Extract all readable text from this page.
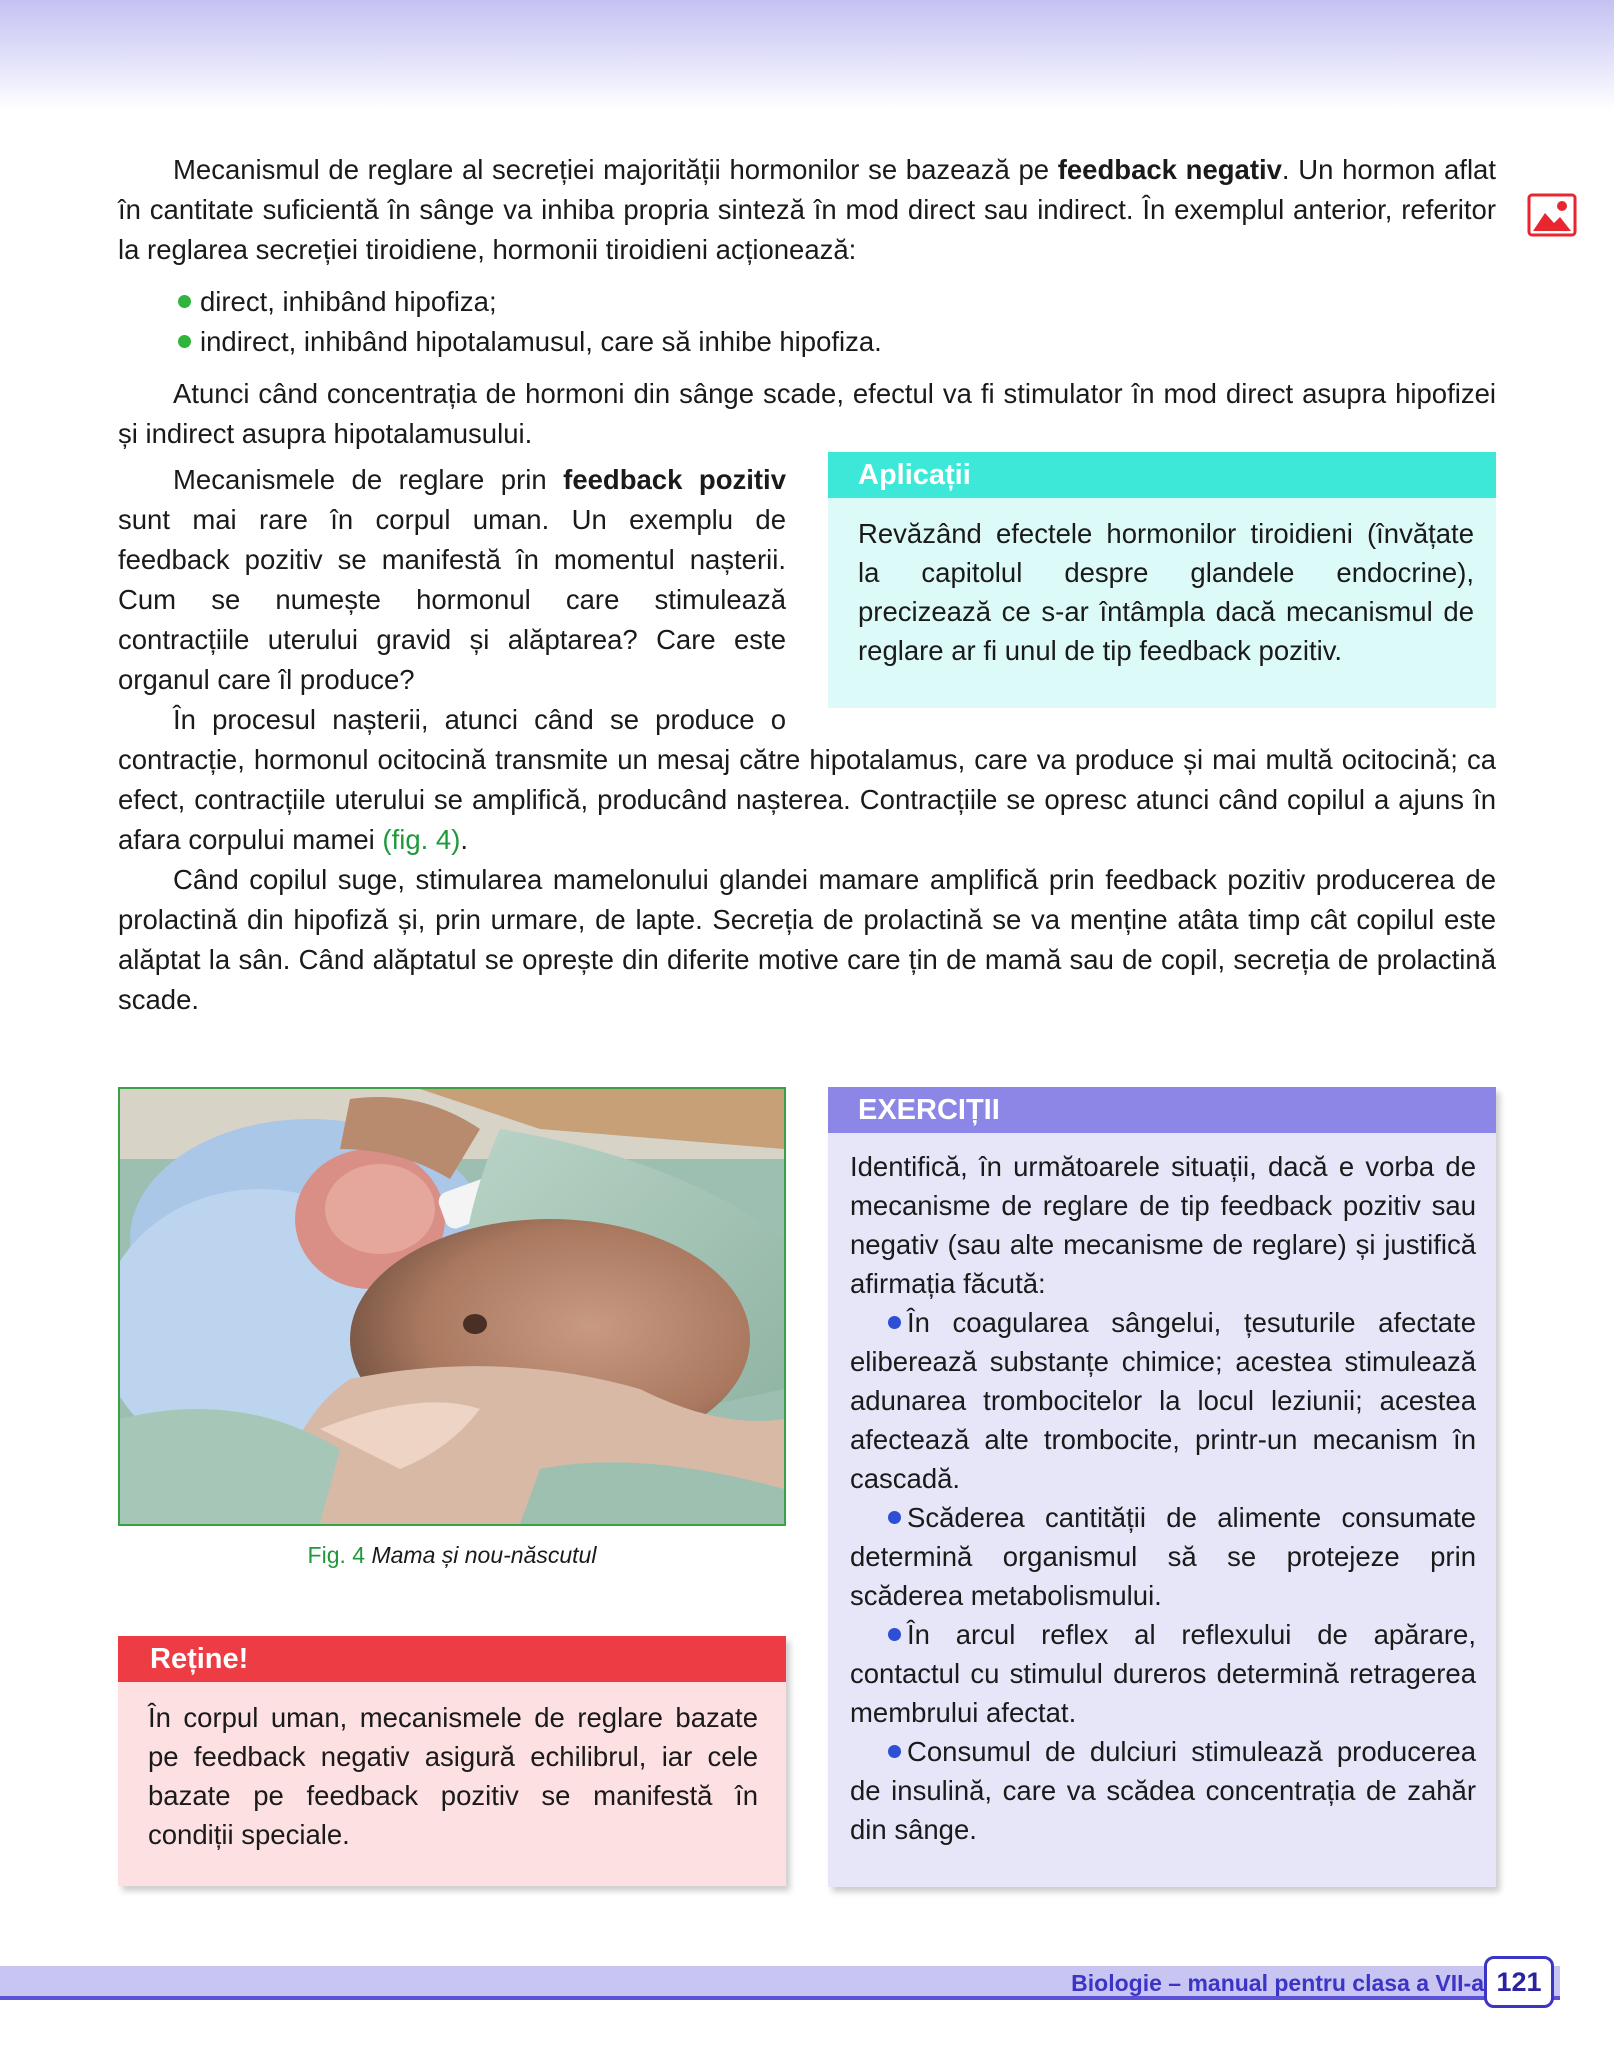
Mecanismul de reglare al secreției majorității hormonilor se bazează pe feedback negativ. Un hormon aflat în cantitate suficientă în sânge va inhiba propria sinteză în mod direct sau indirect. În exemplul anterior, referitor la reglarea secreției tiroidiene, hormonii tiroidieni acționează:

direct, inhibând hipofiza;
indirect, inhibând hipotalamusul, care să inhibe hipofiza.

Atunci când concentrația de hormoni din sânge scade, efectul va fi stimulator în mod direct asupra hipofizei și indirect asupra hipotalamusului.

Mecanismele de reglare prin feedback pozitiv sunt mai rare în corpul uman. Un exemplu de feedback pozitiv se manifestă în momentul nașterii. Cum se numește hormonul care stimulează contracțiile uterului gravid și alăptarea? Care este organul care îl produce?

În procesul nașterii, atunci când se produce o

Aplicații
Revăzând efectele hormonilor tiroidieni (învățate la capitolul despre glandele endocrine), precizează ce s-ar întâmpla dacă mecanismul de reglare ar fi unul de tip feedback pozitiv.

contracție, hormonul ocitocină transmite un mesaj către hipotalamus, care va produce și mai multă ocitocină; ca efect, contracțiile uterului se amplifică, producând nașterea. Contracțiile se opresc atunci când copilul a ajuns în afara corpului mamei (fig. 4).

Când copilul suge, stimularea mamelonului glandei mamare amplifică prin feedback pozitiv producerea de prolactină din hipofiză și, prin urmare, de lapte. Secreția de prolactină se va menține atâta timp cât copilul este alăptat la sân. Când alăptatul se oprește din diferite motive care țin de mamă sau de copil, secreția de prolactină scade.

Fig. 4 Mama și nou-născutul
Reține!
În corpul uman, mecanismele de reglare bazate pe feedback negativ asigură echilibrul, iar cele bazate pe feedback pozitiv se manifestă în condiții speciale.
EXERCIȚII

Identifică, în următoarele situații, dacă e vorba de mecanisme de reglare de tip feedback pozitiv sau negativ (sau alte mecanisme de reglare) și justifică afirmația făcută:

În coagularea sângelui, țesuturile afectate eliberează substanțe chimice; acestea stimulează adunarea trombocitelor la locul leziunii; acestea afectează alte trombocite, printr-un mecanism în cascadă.

Scăderea cantității de alimente consumate determină organismul să se protejeze prin scăderea metabolismului.

În arcul reflex al reflexului de apărare, contactul cu stimulul dureros determină retragerea membrului afectat.

Consumul de dulciuri stimulează producerea de insulină, care va scădea concentrația de zahăr din sânge.

Biologie – manual pentru clasa a VII-a 121
